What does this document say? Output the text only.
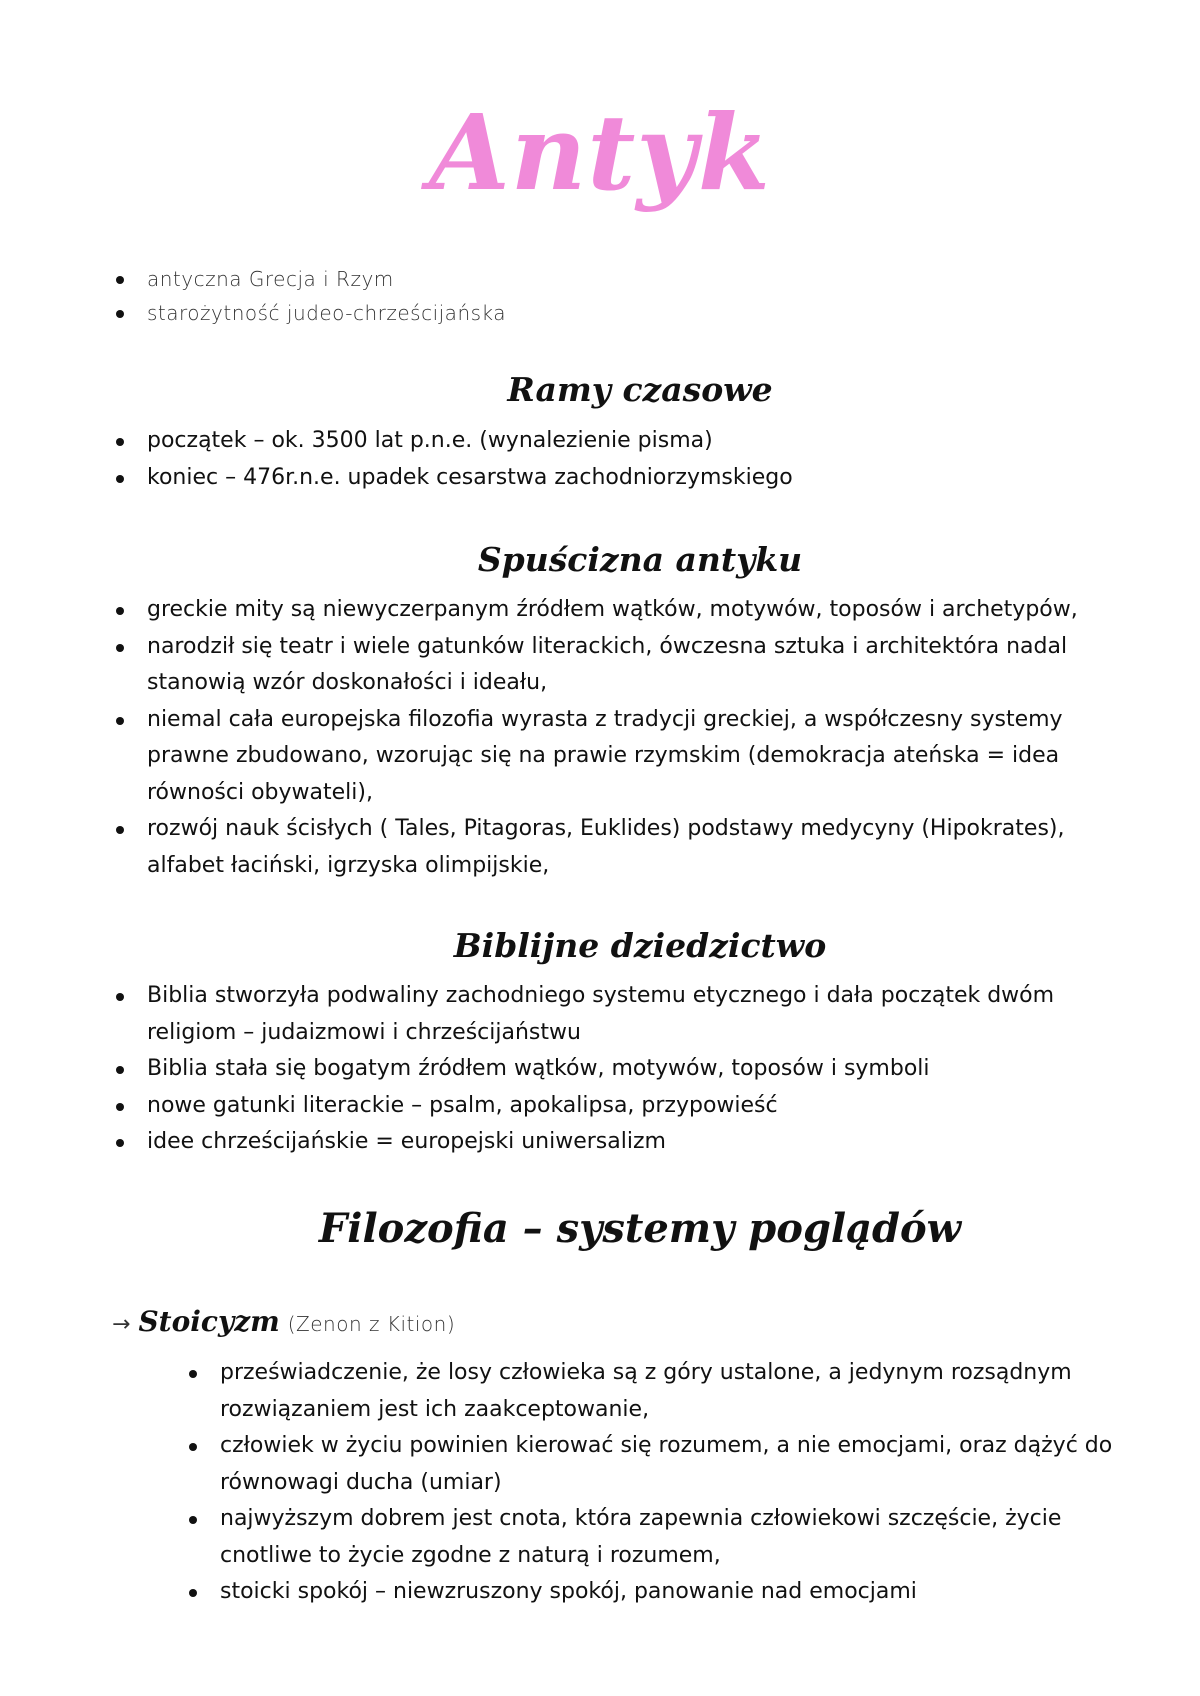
Antyk
antyczna Grecja i Rzym
starożytność judeo-chrześcijańska
Ramy czasowe
początek – ok. 3500 lat p.n.e. (wynalezienie pisma)
koniec – 476r.n.e. upadek cesarstwa zachodniorzymskiego
Spuścizna antyku
greckie mity są niewyczerpanym źródłem wątków, motywów, toposów i archetypów,
narodził się teatr i wiele gatunków literackich, ówczesna sztuka i architektóra nadal stanowią wzór doskonałości i ideału,
niemal cała europejska filozofia wyrasta z tradycji greckiej, a współczesny systemy prawne zbudowano, wzorując się na prawie rzymskim (demokracja ateńska = idea równości obywateli),
rozwój nauk ścisłych ( Tales, Pitagoras, Euklides) podstawy medycyny (Hipokrates), alfabet łaciński, igrzyska olimpijskie,
Biblijne dziedzictwo
Biblia stworzyła podwaliny zachodniego systemu etycznego i dała początek dwóm religiom – judaizmowi i chrześcijaństwu
Biblia stała się bogatym źródłem wątków, motywów, toposów i symboli
nowe gatunki literackie – psalm, apokalipsa, przypowieść
idee chrześcijańskie = europejski uniwersalizm
Filozofia – systemy poglądów
→ Stoicyzm (Zenon z Kition)
przeświadczenie, że losy człowieka są z góry ustalone, a jedynym rozsądnym rozwiązaniem jest ich zaakceptowanie,
człowiek w życiu powinien kierować się rozumem, a nie emocjami, oraz dążyć do równowagi ducha (umiar)
najwyższym dobrem jest cnota, która zapewnia człowiekowi szczęście, życie cnotliwe to życie zgodne z naturą i rozumem,
stoicki spokój – niewzruszony spokój, panowanie nad emocjami
